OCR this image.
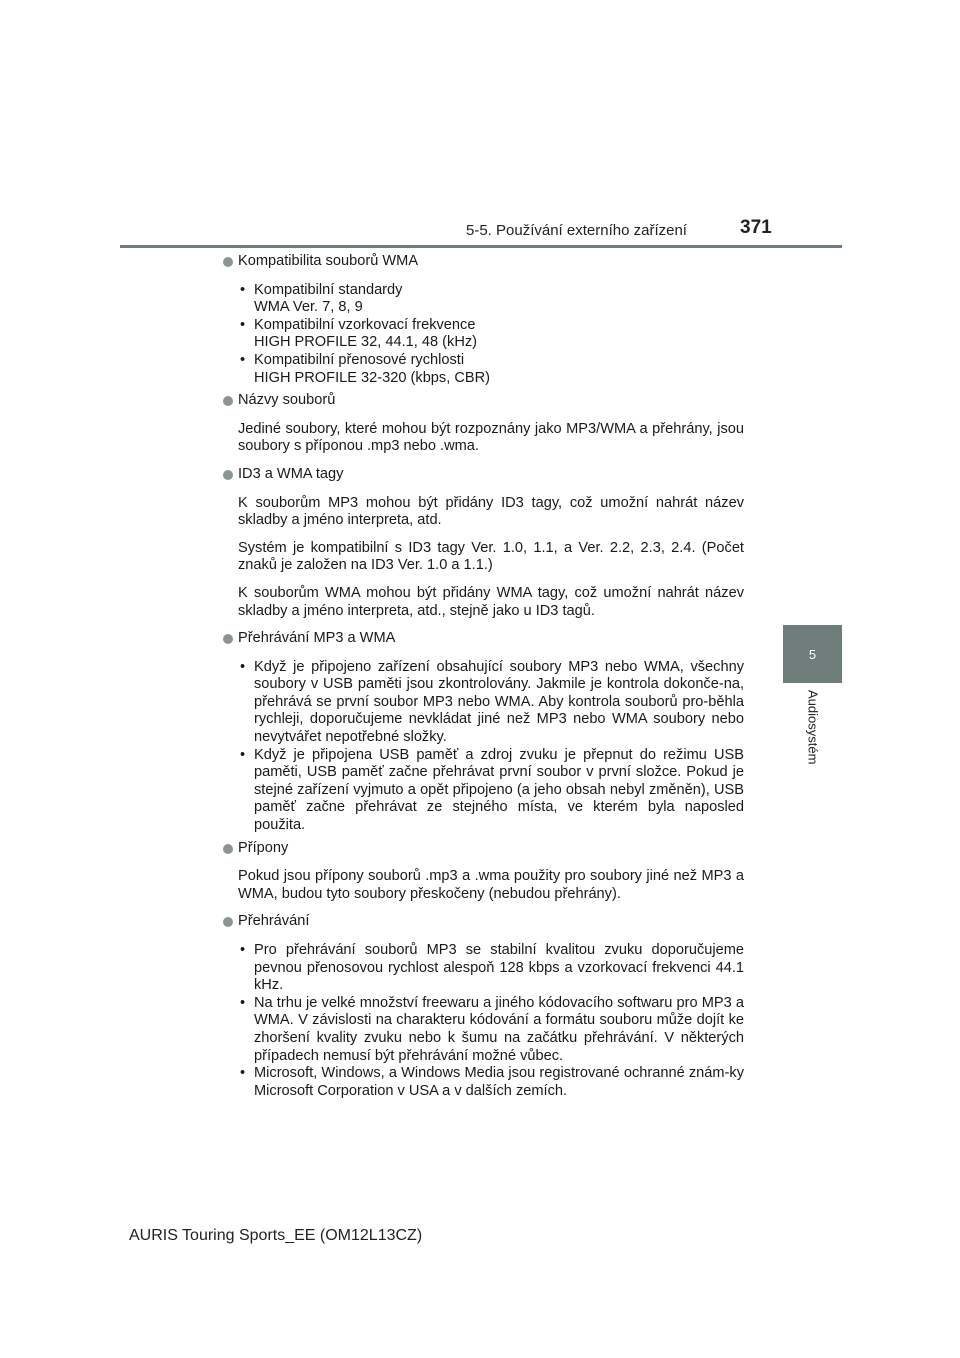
5-5. Používání externího zařízení	371
5
Audiosystém
Kompatibilita souborů WMA
• Kompatibilní standardy
WMA Ver. 7, 8, 9
• Kompatibilní vzorkovací frekvence
HIGH PROFILE 32, 44.1, 48 (kHz)
• Kompatibilní přenosové rychlosti
HIGH PROFILE 32-320 (kbps, CBR)
Názvy souborů
Jediné soubory, které mohou být rozpoznány jako MP3/WMA a přehrány, jsou soubory s příponou .mp3 nebo .wma.
ID3 a WMA tagy
K souborům MP3 mohou být přidány ID3 tagy, což umožní nahrát název skladby a jméno interpreta, atd.
Systém je kompatibilní s ID3 tagy Ver. 1.0, 1.1, a Ver. 2.2, 2.3, 2.4. (Počet znaků je založen na ID3 Ver. 1.0 a 1.1.)
K souborům WMA mohou být přidány WMA tagy, což umožní nahrát název skladby a jméno interpreta, atd., stejně jako u ID3 tagů.
Přehrávání MP3 a WMA
• Když je připojeno zařízení obsahující soubory MP3 nebo WMA, všechny soubory v USB paměti jsou zkontrolovány. Jakmile je kontrola dokonče-na, přehrává se první soubor MP3 nebo WMA. Aby kontrola souborů pro-běhla rychleji, doporučujeme nevkládat jiné než MP3 nebo WMA soubory nebo nevytvářet nepotřebné složky.
• Když je připojena USB paměť a zdroj zvuku je přepnut do režimu USB paměti, USB paměť začne přehrávat první soubor v první složce. Pokud je stejné zařízení vyjmuto a opět připojeno (a jeho obsah nebyl změněn), USB paměť začne přehrávat ze stejného místa, ve kterém byla naposled použita.
Přípony
Pokud jsou přípony souborů .mp3 a .wma použity pro soubory jiné než MP3 a WMA, budou tyto soubory přeskočeny (nebudou přehrány).
Přehrávání
• Pro přehrávání souborů MP3 se stabilní kvalitou zvuku doporučujeme pevnou přenosovou rychlost alespoň 128 kbps a vzorkovací frekvenci 44.1 kHz.
• Na trhu je velké množství freewaru a jiného kódovacího softwaru pro MP3 a WMA. V závislosti na charakteru kódování a formátu souboru může dojít ke zhoršení kvality zvuku nebo k šumu na začátku přehrávání. V některých případech nemusí být přehrávání možné vůbec.
• Microsoft, Windows, a Windows Media jsou registrované ochranné znám-ky Microsoft Corporation v USA a v dalších zemích.
AURIS Touring Sports_EE (OM12L13CZ)
